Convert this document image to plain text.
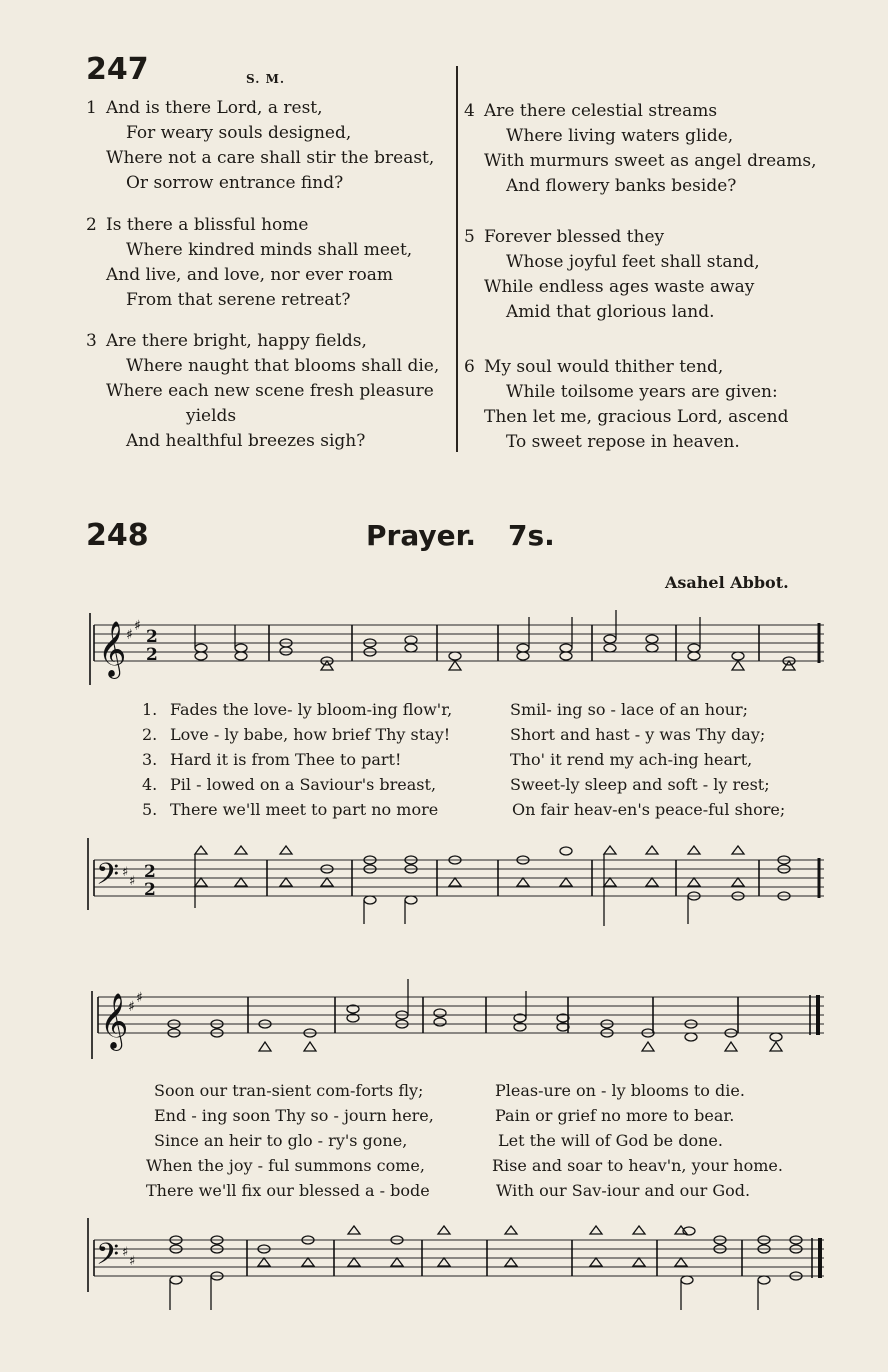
247	S. M.
1 And is there Lord, a rest,
For weary souls designed,
Where not a care shall stir the breast,
Or sorrow entrance find?
2 Is there a blissful home
Where kindred minds shall meet,
And live, and love, nor ever roam
From that serene retreat?
3 Are there bright, happy fields,
Where naught that blooms shall die,
Where each new scene fresh pleasure
yields
And healthful breezes sigh?
4 Are there celestial streams
Where living waters glide,
With murmurs sweet as angel dreams,
And flowery banks beside?
5 Forever blessed they
Whose joyful feet shall stand,
While endless ages waste away
Amid that glorious land.
6 My soul would thither tend,
While toilsome years are given:
Then let me, gracious Lord, ascend
To sweet repose in heaven.
248	Prayer. 7s.
Asahel Abbot.
𝄞 ♯
♯
2
2
1. Fades the love- ly bloom-ing flow'r,	Smil- ing so - lace of an hour;
2. Love - ly babe, how brief Thy stay!	Short and hast - y was Thy day;
3. Hard it is from Thee to part!	Tho' it rend my ach-ing heart,
4. Pil - lowed on a Saviour's breast,	Sweet-ly sleep and soft - ly rest;
5. There we'll meet to part no more	On fair heav-en's peace-ful shore;
𝄢 ♯
♯ 2
2
𝄞 ♯
♯
Soon our tran-sient com-forts fly;	Pleas-ure on - ly blooms to die.
End - ing soon Thy so - journ here,	Pain or grief no more to bear.
Since an heir to glo - ry's gone,	Let the will of God be done.
When the joy - ful summons come,	Rise and soar to heav'n, your home.
There we'll fix our blessed a - bode	With our Sav-iour and our God.
𝄢 ♯
♯
